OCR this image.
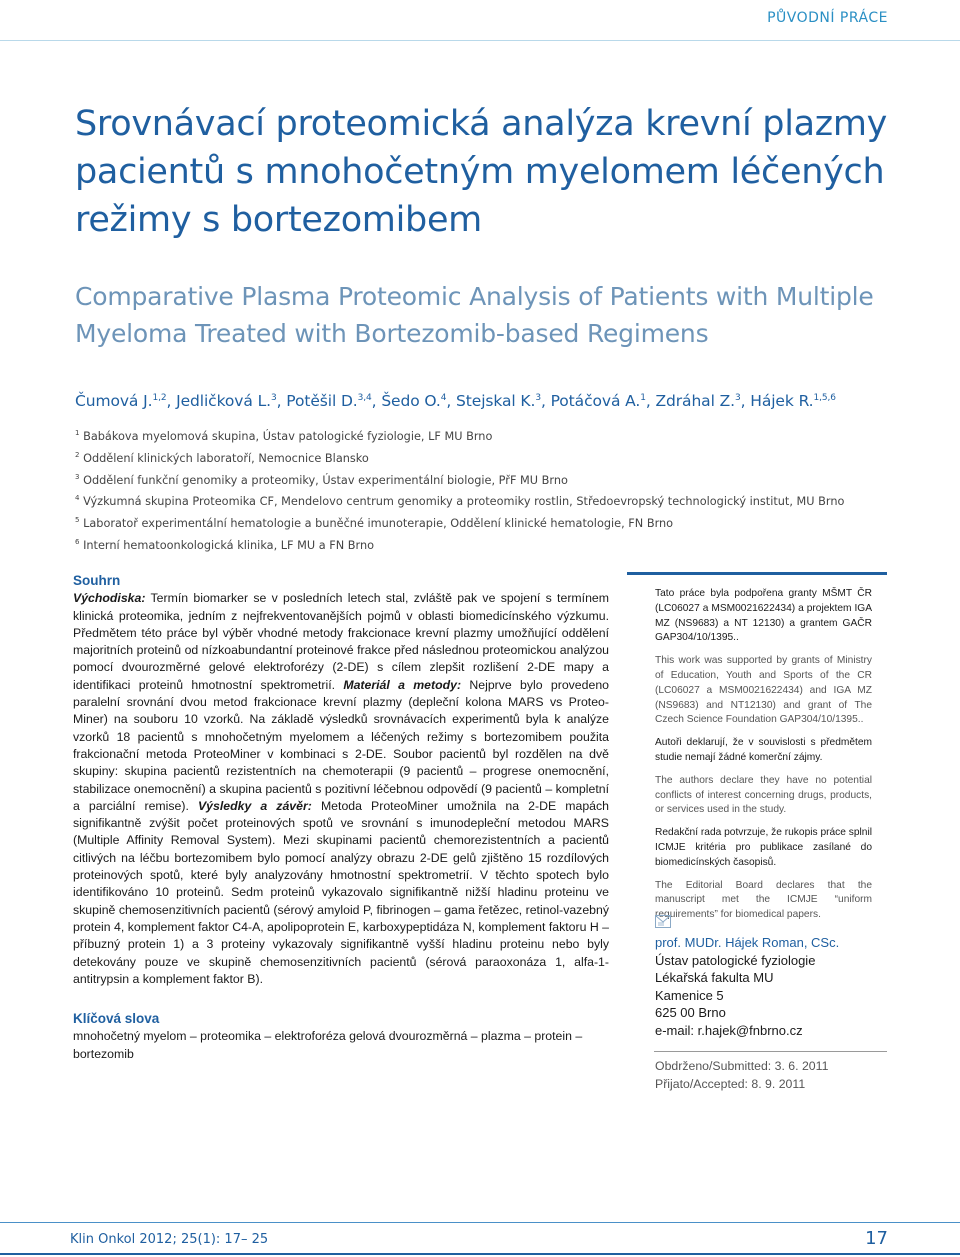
PŮVODNÍ PRÁCE
Srovnávací proteomická analýza krevní plazmy
pacientů s mnohočetným myelomem léčených
režimy s bortezomibem
Comparative Plasma Proteomic Analysis of Patients with Multiple
Myeloma Treated with Bortezomib-based Regimens
Čumová J.$^{1,2}$, Jedličková L.$^3$, Potěšil D.$^{3,4}$, Šedo O.$^4$, Stejskal K.$^3$, Potáčová A.$^1$, Zdráhal Z.$^3$, Hájek R.$^{1,5,6}$
$^1$ Babákova myelomová skupina, Ústav patologické fyziologie, LF MU Brno
$^2$ Oddělení klinických laboratoří, Nemocnice Blansko
$^3$ Oddělení funkční genomiky a proteomiky, Ústav experimentální biologie, PřF MU Brno
$^4$ Výzkumná skupina Proteomika CF, Mendelovo centrum genomiky a proteomiky rostlin, Středoevropský technologický institut, MU Brno
$^5$ Laboratoř experimentální hematologie a buněčné imunoterapie, Oddělení klinické hematologie, FN Brno
$^6$ Interní hematoonkologická klinika, LF MU a FN Brno
Souhrn

Východiska: Termín biomarker se v posledních letech stal, zvláště pak ve spojení s termínem klinická proteomika, jedním z nejfrekventovanějších pojmů v oblasti biomedicínského výzkumu. Předmětem této práce byl výběr vhodné metody frakcionace krevní plazmy umožňující oddělení majoritních proteinů od nízkoabundantní proteinové frakce před následnou proteomickou analýzou pomocí dvourozměrné gelové elektroforézy (2-DE) s cílem zlepšit rozlišení 2-DE mapy a identifikaci proteinů hmotnostní spektrometrií. Materiál a metody: Nejprve bylo provedeno paralelní srovnání dvou metod frakcionace krevní plazmy (depleční kolona MARS vs Proteo-Miner) na souboru 10 vzorků. Na základě výsledků srovnávacích experimentů byla k analýze vzorků 18 pacientů s mnohočetným myelomem a léčených režimy s bortezomibem použita frakcionační metoda ProteoMiner v kombinaci s 2-DE. Soubor pacientů byl rozdělen na dvě skupiny: skupina pacientů rezistentních na chemoterapii (9 pacientů – progrese onemocnění, stabilizace onemocnění) a skupina pacientů s pozitivní léčebnou odpovědí (9 pacientů – kompletní a parciální remise). Výsledky a závěr: Metoda ProteoMiner umožnila na 2-DE mapách signifikantně zvýšit počet proteinových spotů ve srovnání s imunodepleční metodou MARS (Multiple Affinity Removal System). Mezi skupinami pacientů chemorezistentních a pacientů citlivých na léčbu bortezomibem bylo pomocí analýzy obrazu 2-DE gelů zjištěno 15 rozdílových proteinových spotů, které byly analyzovány hmotnostní spektrometrií. V těchto spotech bylo identifikováno 10 proteinů. Sedm proteinů vykazovalo signifikantně nižší hladinu proteinu ve skupině chemosenzitivních pacientů (sérový amyloid P, fibrinogen – gama řetězec, retinol-vazebný protein 4, komplement faktor C4-A, apolipoprotein E, karboxypeptidáza N, komplement faktoru H – příbuzný protein 1) a 3 proteiny vykazovaly signifikantně vyšší hladinu proteinu nebo byly detekovány pouze ve skupině chemosenzitivních pacientů (sérová paraoxonáza 1, alfa-1-antitrypsin a komplement faktor B).

Klíčová slova

mnohočetný myelom – proteomika – elektroforéza gelová dvourozměrná – plazma – protein – bortezomib

Tato práce byla podpořena granty MŠMT ČR (LC06027 a MSM0021622434) a projektem IGA MZ (NS9683) a NT 12130) a grantem GAČR GAP304/10/1395..

This work was supported by grants of Ministry of Education, Youth and Sports of the CR (LC06027 a MSM0021622434) and IGA MZ (NS9683) and NT12130) and grant of The Czech Science Foundation GAP304/10/1395..

Autoři deklarují, že v souvislosti s předmětem studie nemají žádné komerční zájmy.

The authors declare they have no potential conflicts of interest concerning drugs, products, or services used in the study.

Redakční rada potvrzuje, že rukopis práce splnil ICMJE kritéria pro publikace zasílané do biomedicínských časopisů.

The Editorial Board declares that the manuscript met the ICMJE “uniform requirements” for biomedical papers.

prof. MUDr. Hájek Roman, CSc.
Ústav patologické fyziologie
Lékařská fakulta MU
Kamenice 5
625 00 Brno
e-mail: r.hajek@fnbrno.cz
Obdrženo/Submitted: 3. 6. 2011
Přijato/Accepted: 8. 9. 2011
Klin Onkol 2012; 25(1): 17– 25	17
